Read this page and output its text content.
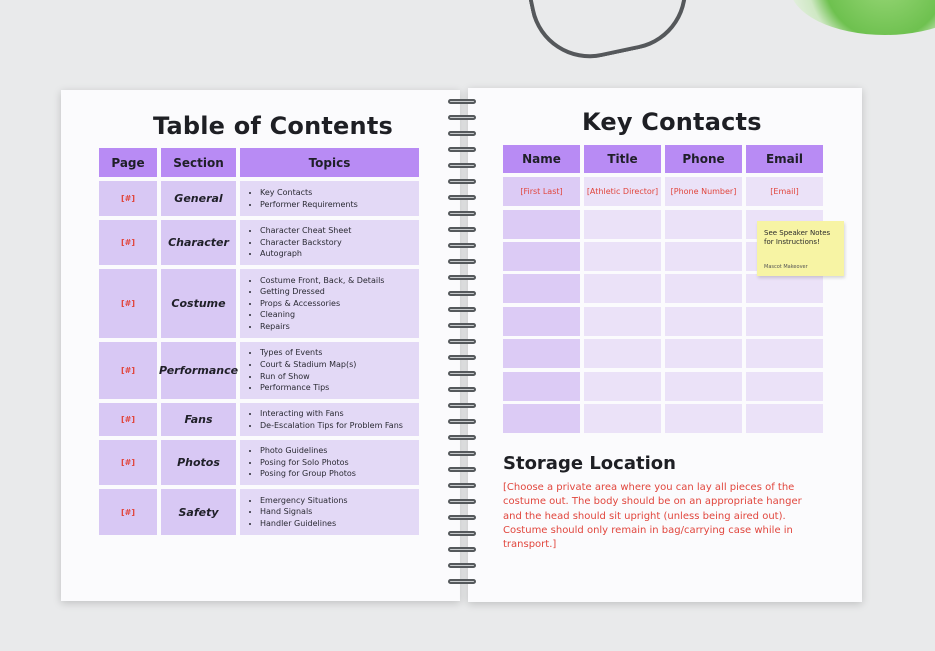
Table of Contents
Page	Section	Topics
[#]	General	• Key Contacts
• Performer Requirements
[#]	Character
• Character Cheat Sheet
• Character Backstory
• Autograph
[#]	Costume
• Costume Front, Back, & Details
• Getting Dressed
• Props & Accessories
• Cleaning
• Repairs
[#]	Performance
• Types of Events
• Court & Stadium Map(s)
• Run of Show
• Performance Tips
[#]	Fans	• Interacting with Fans
• De-Escalation Tips for Problem Fans
[#]	Photos
• Photo Guidelines
• Posing for Solo Photos
• Posing for Group Photos
[#]	Safety
• Emergency Situations
• Hand Signals
• Handler Guidelines
Key Contacts
Name	Title	Phone	Email
[First Last]	[Athletic Director]	[Phone Number]	[Email]
Storage Location
[Choose a private area where you can lay all pieces of the costume out. The body should be on an appropriate hanger and the head should sit upright (unless being aired out). Costume should only remain in bag/carrying case while in transport.]
See Speaker Notes for Instructions!
Mascot Makeover
